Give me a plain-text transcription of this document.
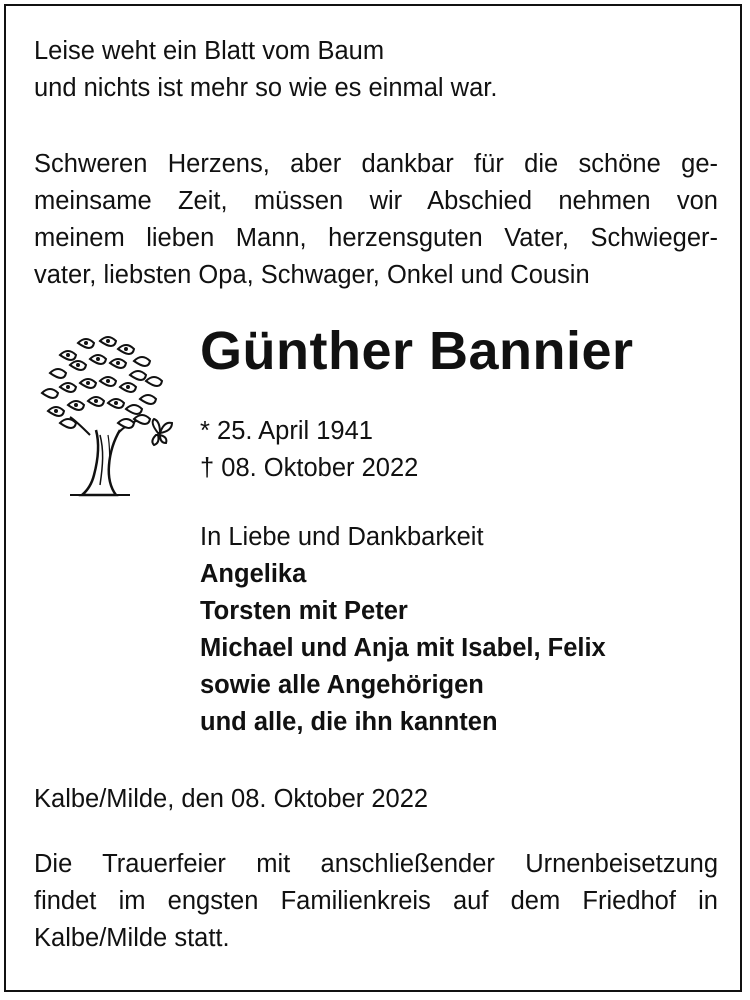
Leise weht ein Blatt vom Baum
und nichts ist mehr so wie es einmal war.
Schweren Herzens, aber dankbar für die schöne ge-
meinsame Zeit, müssen wir Abschied nehmen von
meinem lieben Mann, herzensguten Vater, Schwieger-
vater, liebsten Opa, Schwager, Onkel und Cousin
Günther Bannier
* 25. April 1941
† 08. Oktober 2022
In Liebe und Dankbarkeit
Angelika
Torsten mit Peter
Michael und Anja mit Isabel, Felix
sowie alle Angehörigen
und alle, die ihn kannten
Kalbe/Milde, den 08. Oktober 2022
Die Trauerfeier mit anschließender Urnenbeisetzung
findet im engsten Familienkreis auf dem Friedhof in
Kalbe/Milde statt.
